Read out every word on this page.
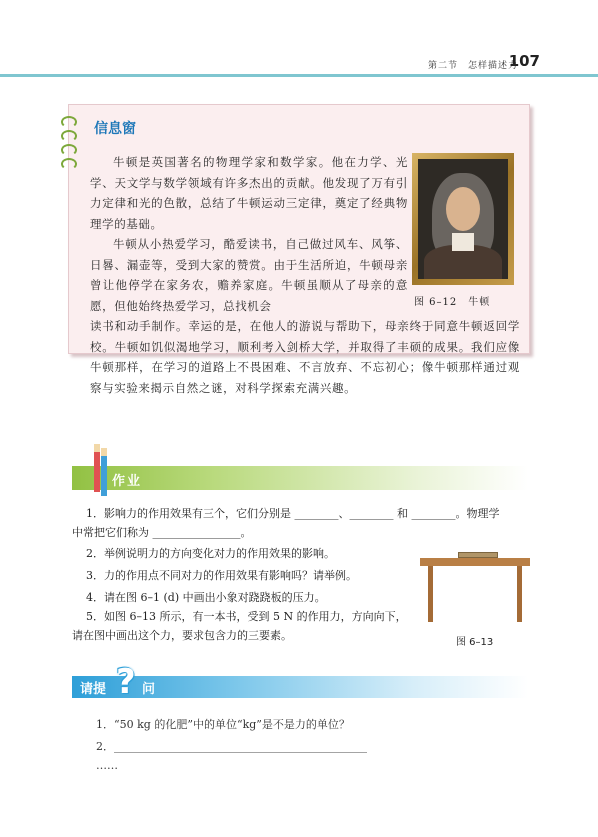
第二节　怎样描述力
107
信息窗

牛顿是英国著名的物理学家和数学家。他在力学、光学、天文学与数学领域有许多杰出的贡献。他发现了万有引力定律和光的色散，总结了牛顿运动三定律，奠定了经典物理学的基础。

牛顿从小热爱学习，酷爱读书，自己做过风车、风筝、日晷、漏壶等，受到大家的赞赏。由于生活所迫，牛顿母亲曾让他停学在家务农，赡养家庭。牛顿虽顺从了母亲的意愿，但他始终热爱学习，总找机会

读书和动手制作。幸运的是，在他人的游说与帮助下，母亲终于同意牛顿返回学校。牛顿如饥似渴地学习，顺利考入剑桥大学，并取得了丰硕的成果。我们应像牛顿那样，在学习的道路上不畏困难、不言放弃、不忘初心；像牛顿那样通过观察与实验来揭示自然之谜，对科学探索充满兴趣。

图 6–12　牛顿
作业
1．影响力的作用效果有三个，它们分别是 ________、________ 和 ________。物理学
中常把它们称为 ________________。
2．举例说明力的方向变化对力的作用效果的影响。
3．力的作用点不同对力的作用效果有影响吗？请举例。
4．请在图 6–1 (d) 中画出小象对跷跷板的压力。
5．如图 6–13 所示，有一本书，受到 5 N 的作用力，方向向下，
请在图中画出这个力，要求包含力的三要素。
图 6–13
请提 ? 问
1．“50 kg 的化肥”中的单位“kg”是不是力的单位？
2．______________________________________________
……
